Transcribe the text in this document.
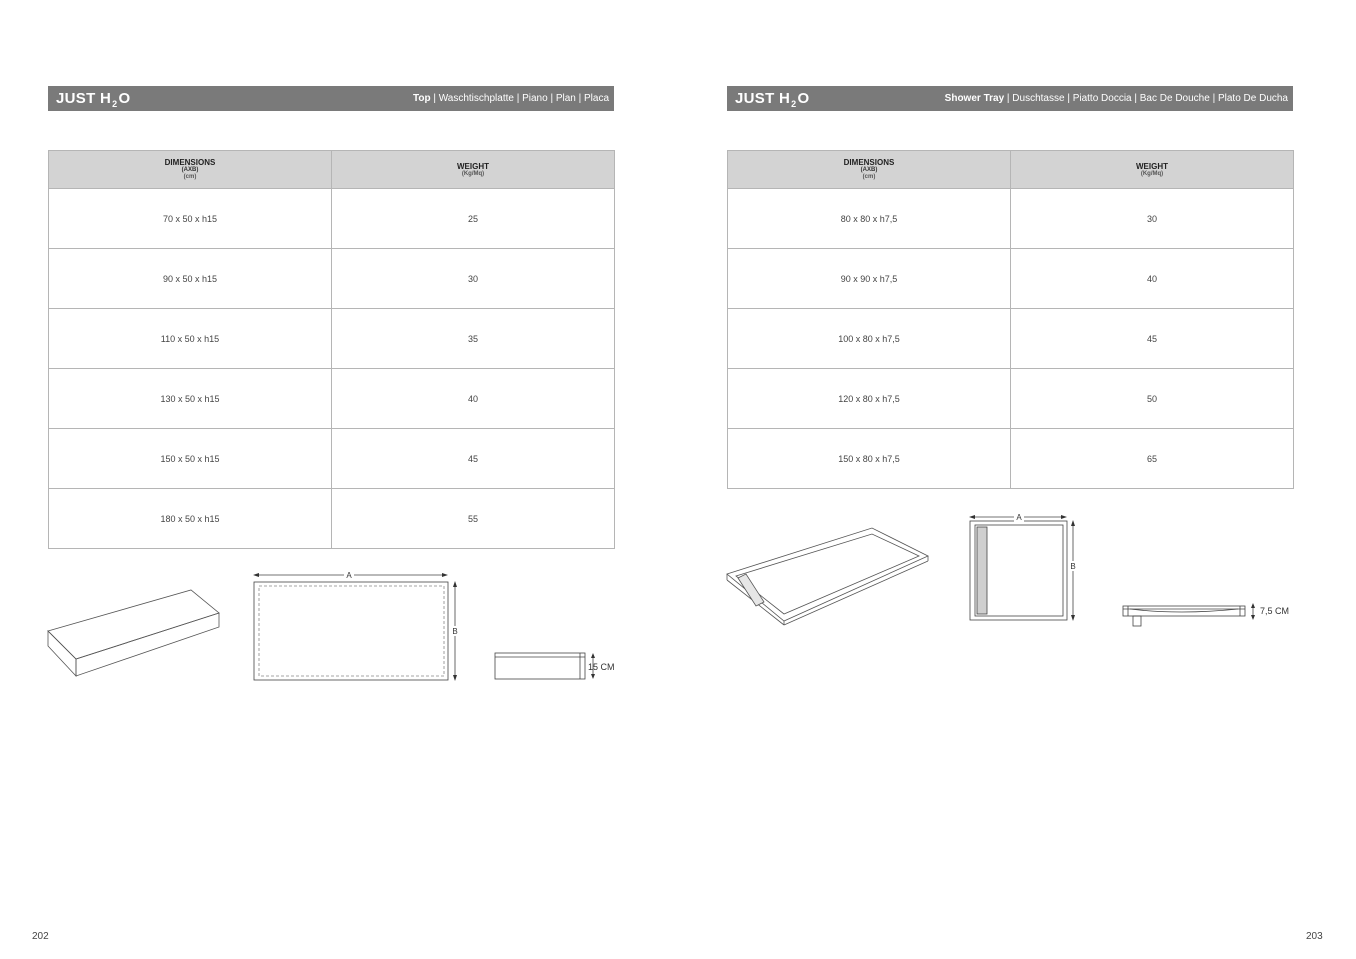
JUST $H_2$ O	Top | Waschtischplatte | Piano | Plan | Placa
DIMENSIONS
(AXB)
(cm)	WEIGHT
(Kg/Mq)

70 x 50 x h15	25
90 x 50 x h15	30
110 x 50 x h15	35
130 x 50 x h15	40
150 x 50 x h15	45
180 x 50 x h15	55
A
B
15 CM
202
JUST $H_2$ O	Shower Tray | Duschtasse | Piatto Doccia | Bac De Douche | Plato De Ducha
DIMENSIONS
(AXB)
(cm)	WEIGHT
(Kg/Mq)

80 x 80 x h7,5	30
90 x 90 x h7,5	40
100 x 80 x h7,5	45
120 x 80 x h7,5	50
150 x 80 x h7,5	65
A
B
7,5 CM
203
